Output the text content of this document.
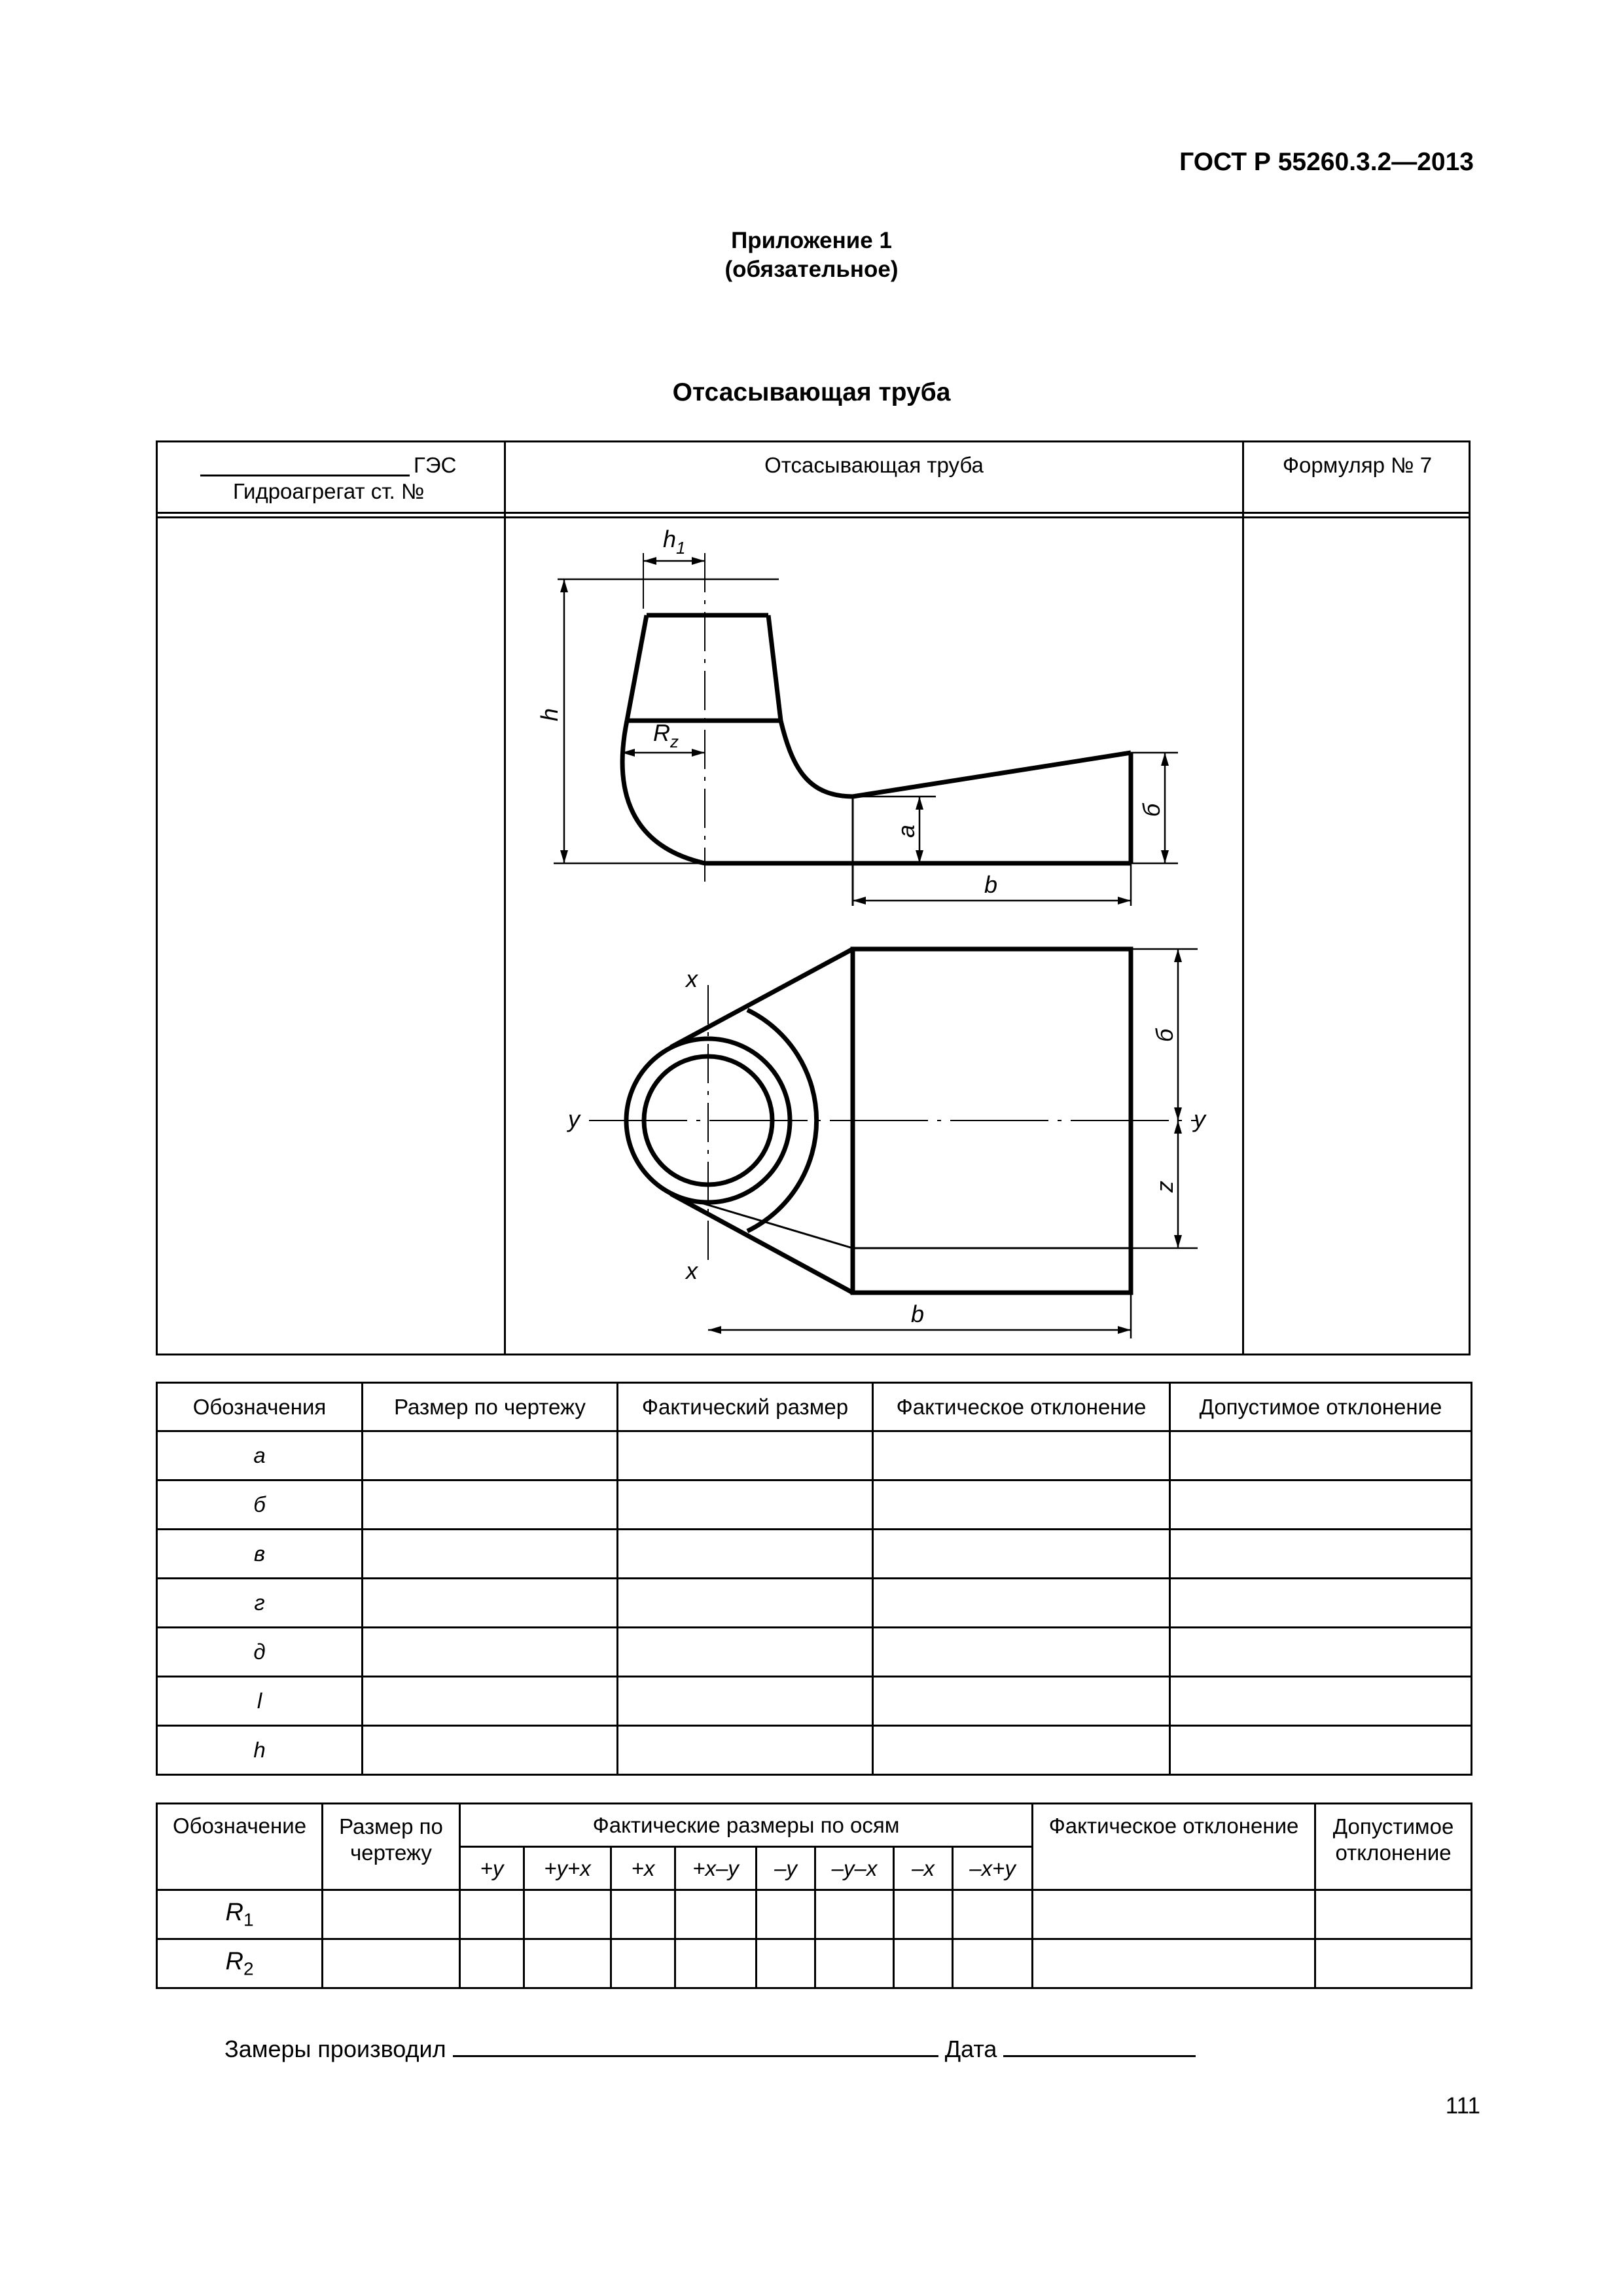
ГОСТ Р 55260.3.2—2013
Приложение 1
(обязательное)
Отсасывающая труба
ГЭС
Гидроагрегат ст. №
Отсасывающая труба	Формуляр № 7
$h_1$
h
$R_z$
а
б
b
x
x
y	y
б
z
b
Обозначения	Размер по чертежу	Фактический размер	Фактическое отклонение	Допустимое отклонение
а				
б				
в				
г				
д				
l				
h				
Обозначение	Размер по чертежу	Фактические размеры по осям								Фактическое отклонение	Допустимое отклонение
		+y	+y+x	+x	+x–y	–y	–y–x	–x	–x+y		
$R_1$											
$R_2$											
Замеры производил	Дата
111
